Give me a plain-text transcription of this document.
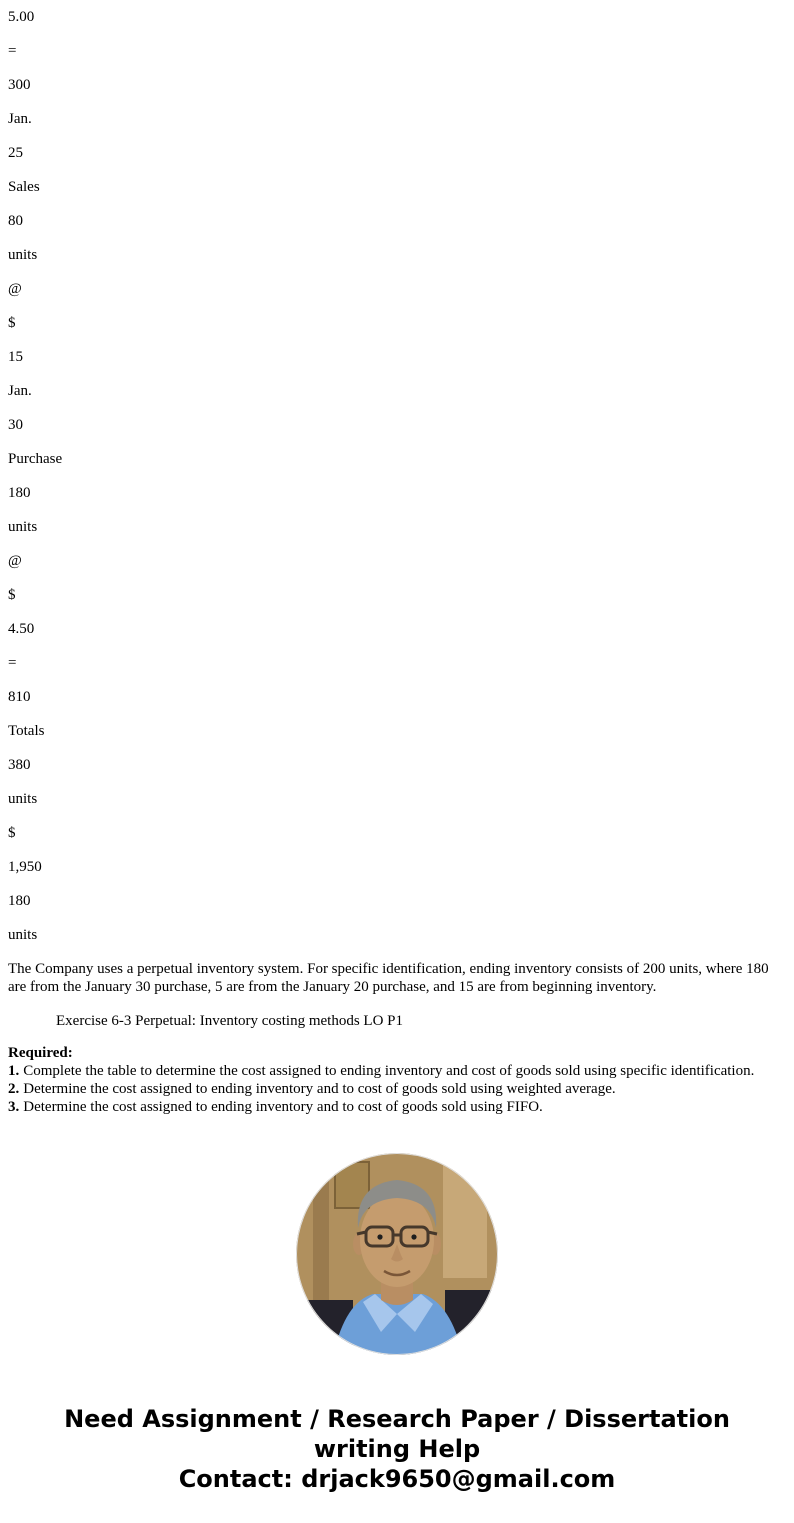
5.00
=
300
Jan.
25
Sales
80
units
@
$
15
Jan.
30
Purchase
180
units
@
$
4.50
=
810
Totals
380
units
$
1,950
180
units
The Company uses a perpetual inventory system. For specific identification, ending inventory consists of 200 units, where 180 are from the January 30 purchase, 5 are from the January 20 purchase, and 15 are from beginning inventory.
Exercise 6-3 Perpetual: Inventory costing methods LO P1
Required:
1. Complete the table to determine the cost assigned to ending inventory and cost of goods sold using specific identification.
2. Determine the cost assigned to ending inventory and to cost of goods sold using weighted average.
3. Determine the cost assigned to ending inventory and to cost of goods sold using FIFO.
Need Assignment / Research Paper / Dissertation
writing Help
Contact: drjack9650@gmail.com
